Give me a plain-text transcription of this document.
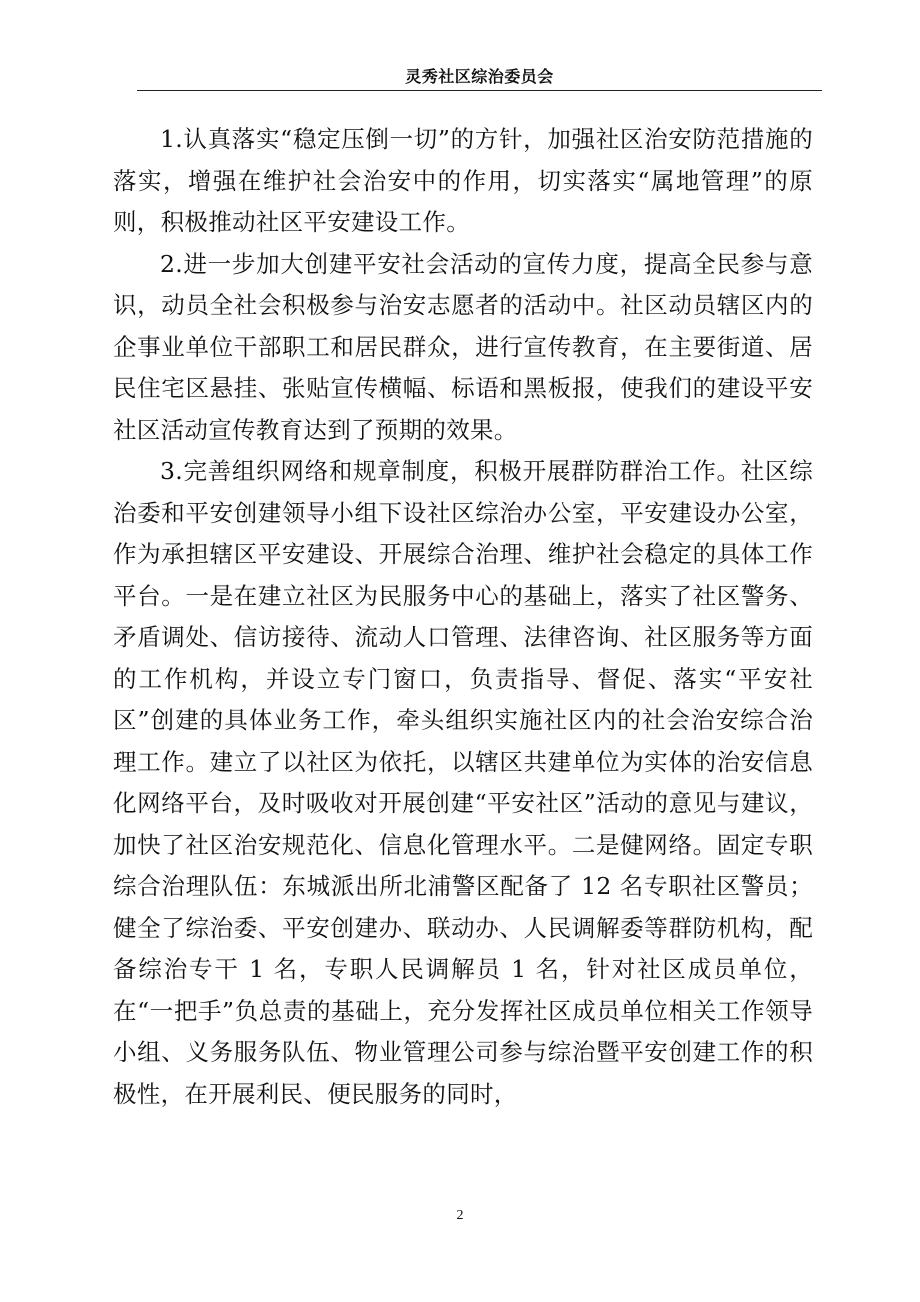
灵秀社区综治委员会

1.认真落实“稳定压倒一切”的方针，加强社区治安防范措施的落实，增强在维护社会治安中的作用，切实落实“属地管理”的原则，积极推动社区平安建设工作。

2.进一步加大创建平安社会活动的宣传力度，提高全民参与意识，动员全社会积极参与治安志愿者的活动中。社区动员辖区内的企事业单位干部职工和居民群众，进行宣传教育，在主要街道、居民住宅区悬挂、张贴宣传横幅、标语和黑板报，使我们的建设平安社区活动宣传教育达到了预期的效果。

3.完善组织网络和规章制度，积极开展群防群治工作。社区综治委和平安创建领导小组下设社区综治办公室，平安建设办公室，作为承担辖区平安建设、开展综合治理、维护社会稳定的具体工作平台。一是在建立社区为民服务中心的基础上，落实了社区警务、矛盾调处、信访接待、流动人口管理、法律咨询、社区服务等方面的工作机构，并设立专门窗口，负责指导、督促、落实“平安社区”创建的具体业务工作，牵头组织实施社区内的社会治安综合治理工作。建立了以社区为依托，以辖区共建单位为实体的治安信息化网络平台，及时吸收对开展创建“平安社区”活动的意见与建议，加快了社区治安规范化、信息化管理水平。二是健网络。固定专职综合治理队伍：东城派出所北浦警区配备了 12 名专职社区警员；健全了综治委、平安创建办、联动办、人民调解委等群防机构，配备综治专干 1 名，专职人民调解员 1 名，针对社区成员单位，在“一把手”负总责的基础上，充分发挥社区成员单位相关工作领导小组、义务服务队伍、物业管理公司参与综治暨平安创建工作的积极性，在开展利民、便民服务的同时，

2
